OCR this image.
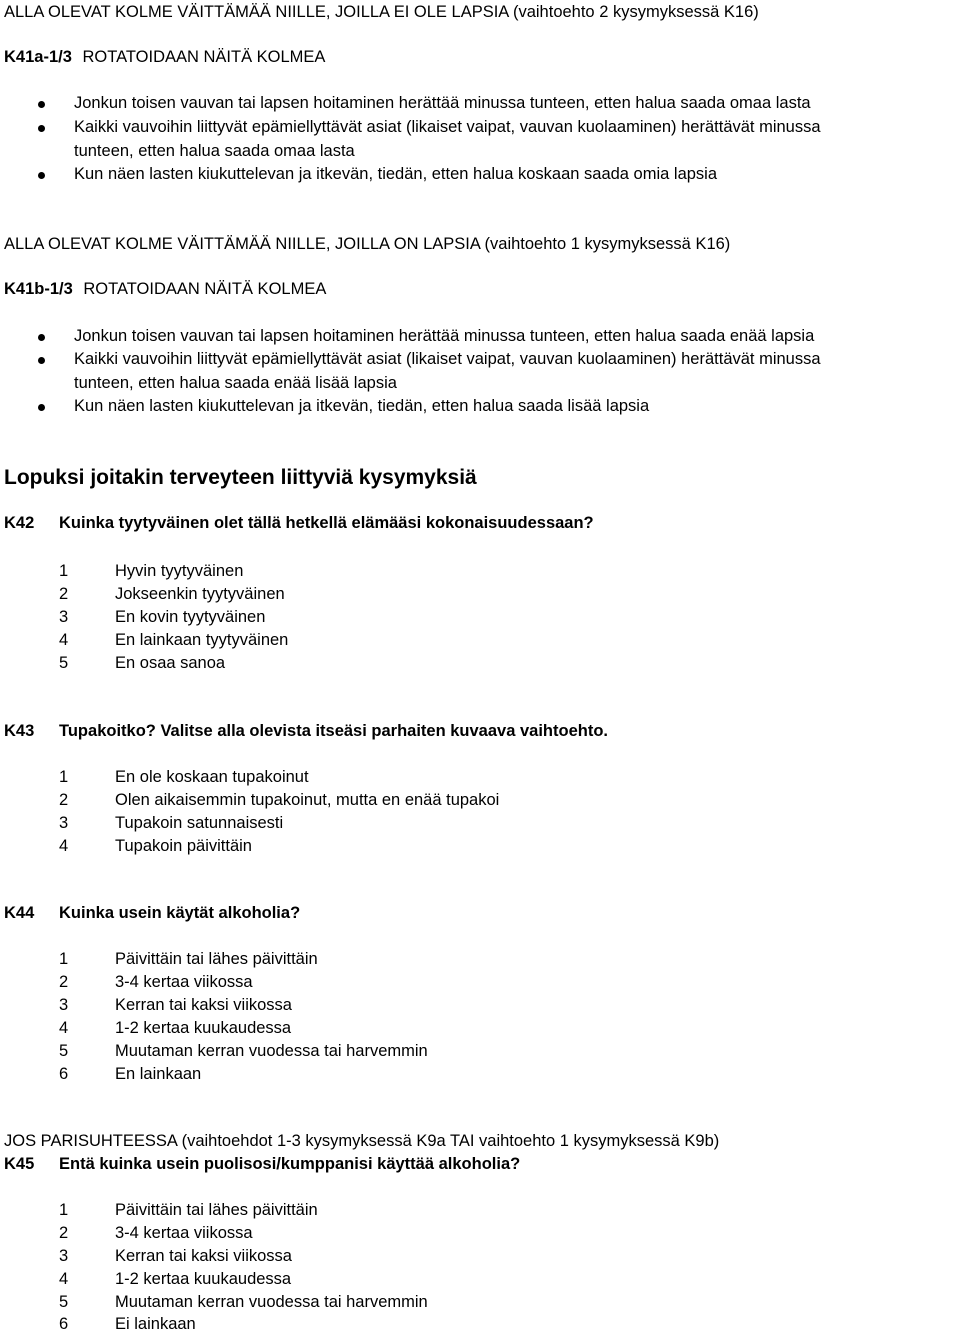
ALLA OLEVAT KOLME VÄITTÄMÄÄ NIILLE, JOILLA EI OLE LAPSIA (vaihtoehto 2 kysymyksessä K16)
K41a-1/3 ROTATOIDAAN NÄITÄ KOLMEA
Jonkun toisen vauvan tai lapsen hoitaminen herättää minussa tunteen, etten halua saada omaa lasta
Kaikki vauvoihin liittyvät epämiellyttävät asiat (likaiset vaipat, vauvan kuolaaminen) herättävät minussa
tunteen, etten halua saada omaa lasta
Kun näen lasten kiukuttelevan ja itkevän, tiedän, etten halua koskaan saada omia lapsia
ALLA OLEVAT KOLME VÄITTÄMÄÄ NIILLE, JOILLA ON LAPSIA (vaihtoehto 1 kysymyksessä K16)
K41b-1/3 ROTATOIDAAN NÄITÄ KOLMEA
Jonkun toisen vauvan tai lapsen hoitaminen herättää minussa tunteen, etten halua saada enää lapsia
Kaikki vauvoihin liittyvät epämiellyttävät asiat (likaiset vaipat, vauvan kuolaaminen) herättävät minussa
tunteen, etten halua saada enää lisää lapsia
Kun näen lasten kiukuttelevan ja itkevän, tiedän, etten halua saada lisää lapsia
Lopuksi joitakin terveyteen liittyviä kysymyksiä
K42 Kuinka tyytyväinen olet tällä hetkellä elämääsi kokonaisuudessaan?
1	Hyvin tyytyväinen
2	Jokseenkin tyytyväinen
3	En kovin tyytyväinen
4	En lainkaan tyytyväinen
5	En osaa sanoa
K43 Tupakoitko? Valitse alla olevista itseäsi parhaiten kuvaava vaihtoehto.
1	En ole koskaan tupakoinut
2	Olen aikaisemmin tupakoinut, mutta en enää tupakoi
3	Tupakoin satunnaisesti
4	Tupakoin päivittäin
K44 Kuinka usein käytät alkoholia?
1	Päivittäin tai lähes päivittäin
2	3-4 kertaa viikossa
3	Kerran tai kaksi viikossa
4	1-2 kertaa kuukaudessa
5	Muutaman kerran vuodessa tai harvemmin
6	En lainkaan
JOS PARISUHTEESSA (vaihtoehdot 1-3 kysymyksessä K9a TAI vaihtoehto 1 kysymyksessä K9b)
K45 Entä kuinka usein puolisosi/kumppanisi käyttää alkoholia?
1	Päivittäin tai lähes päivittäin
2	3-4 kertaa viikossa
3	Kerran tai kaksi viikossa
4	1-2 kertaa kuukaudessa
5	Muutaman kerran vuodessa tai harvemmin
6	Ei lainkaan
